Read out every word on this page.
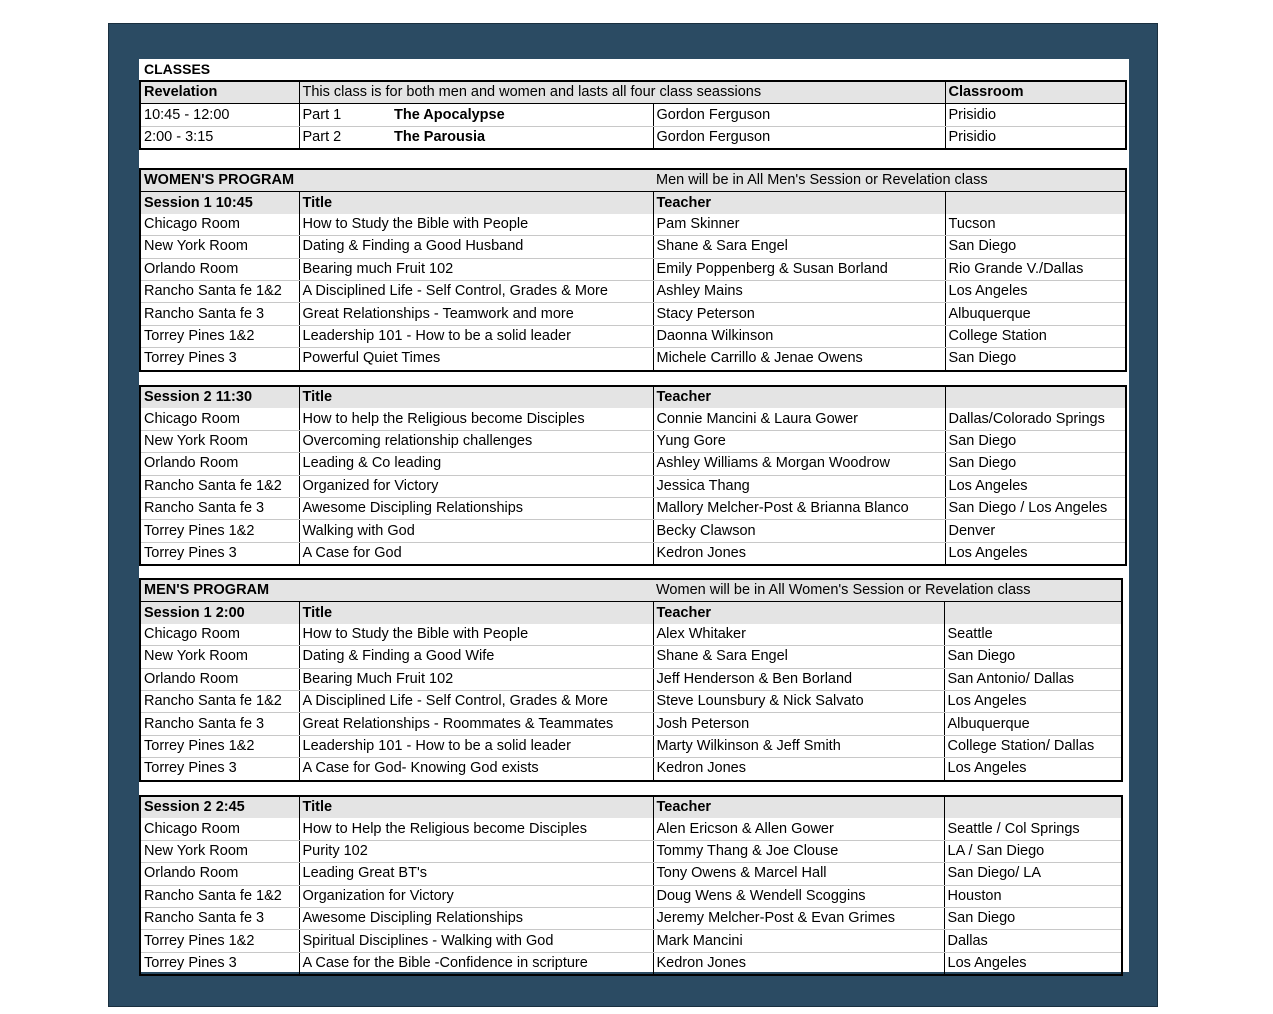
CLASSES
Revelation	This class is for both men and women and lasts all four class seassions			Classroom
10:45 - 12:00	Part 1	The Apocalypse	Gordon Ferguson	Prisidio
2:00 - 3:15	Part 2	The Parousia	Gordon Ferguson	Prisidio
WOMEN'S PROGRAM		Men will be in All Men's Session or Revelation class	
Session 1 10:45	Title	Teacher	
Chicago Room	How to Study the Bible with People	Pam Skinner	Tucson
New York Room	Dating & Finding a Good Husband	Shane & Sara Engel	San Diego
Orlando Room	Bearing much Fruit 102	Emily Poppenberg & Susan Borland	Rio Grande V./Dallas
Rancho Santa fe 1&2	A Disciplined Life - Self Control, Grades & More	Ashley Mains	Los Angeles
Rancho Santa fe 3	Great Relationships - Teamwork and more	Stacy Peterson	Albuquerque
Torrey Pines 1&2	Leadership 101 - How to be a solid leader	Daonna Wilkinson	College Station
Torrey Pines 3	Powerful Quiet Times	Michele Carrillo & Jenae Owens	San Diego
Session 2 11:30	Title	Teacher	
Chicago Room	How to help the Religious become Disciples	Connie Mancini & Laura Gower	Dallas/Colorado Springs
New York Room	Overcoming relationship challenges	Yung Gore	San Diego
Orlando Room	Leading & Co leading	Ashley Williams & Morgan Woodrow	San Diego
Rancho Santa fe 1&2	Organized for Victory	Jessica Thang	Los Angeles
Rancho Santa fe 3	Awesome Discipling Relationships	Mallory Melcher-Post & Brianna Blanco	San Diego / Los Angeles
Torrey Pines 1&2	Walking with God	Becky Clawson	Denver
Torrey Pines 3	A Case for God	Kedron Jones	Los Angeles
MEN'S PROGRAM		Women will be in All Women's Session or Revelation class	
Session 1 2:00	Title	Teacher	
Chicago Room	How to Study the Bible with People	Alex Whitaker	Seattle
New York Room	Dating & Finding a Good Wife	Shane & Sara Engel	San Diego
Orlando Room	Bearing Much Fruit 102	Jeff Henderson & Ben Borland	San Antonio/ Dallas
Rancho Santa fe 1&2	A Disciplined Life - Self Control, Grades & More	Steve Lounsbury & Nick Salvato	Los Angeles
Rancho Santa fe 3	Great Relationships - Roommates & Teammates	Josh Peterson	Albuquerque
Torrey Pines 1&2	Leadership 101 - How to be a solid leader	Marty Wilkinson & Jeff Smith	College Station/ Dallas
Torrey Pines 3	A Case for God- Knowing God exists	Kedron Jones	Los Angeles
Session 2 2:45	Title	Teacher	
Chicago Room	How to Help the Religious become Disciples	Alen Ericson & Allen Gower	Seattle / Col Springs
New York Room	Purity 102	Tommy Thang & Joe Clouse	LA / San Diego
Orlando Room	Leading Great BT's	Tony Owens & Marcel Hall	San Diego/ LA
Rancho Santa fe 1&2	Organization for Victory	Doug Wens & Wendell Scoggins	Houston
Rancho Santa fe 3	Awesome Discipling Relationships	Jeremy Melcher-Post & Evan Grimes	San Diego
Torrey Pines 1&2	Spiritual Disciplines - Walking with God	Mark Mancini	Dallas
Torrey Pines 3	A Case for the Bible -Confidence in scripture	Kedron Jones	Los Angeles
